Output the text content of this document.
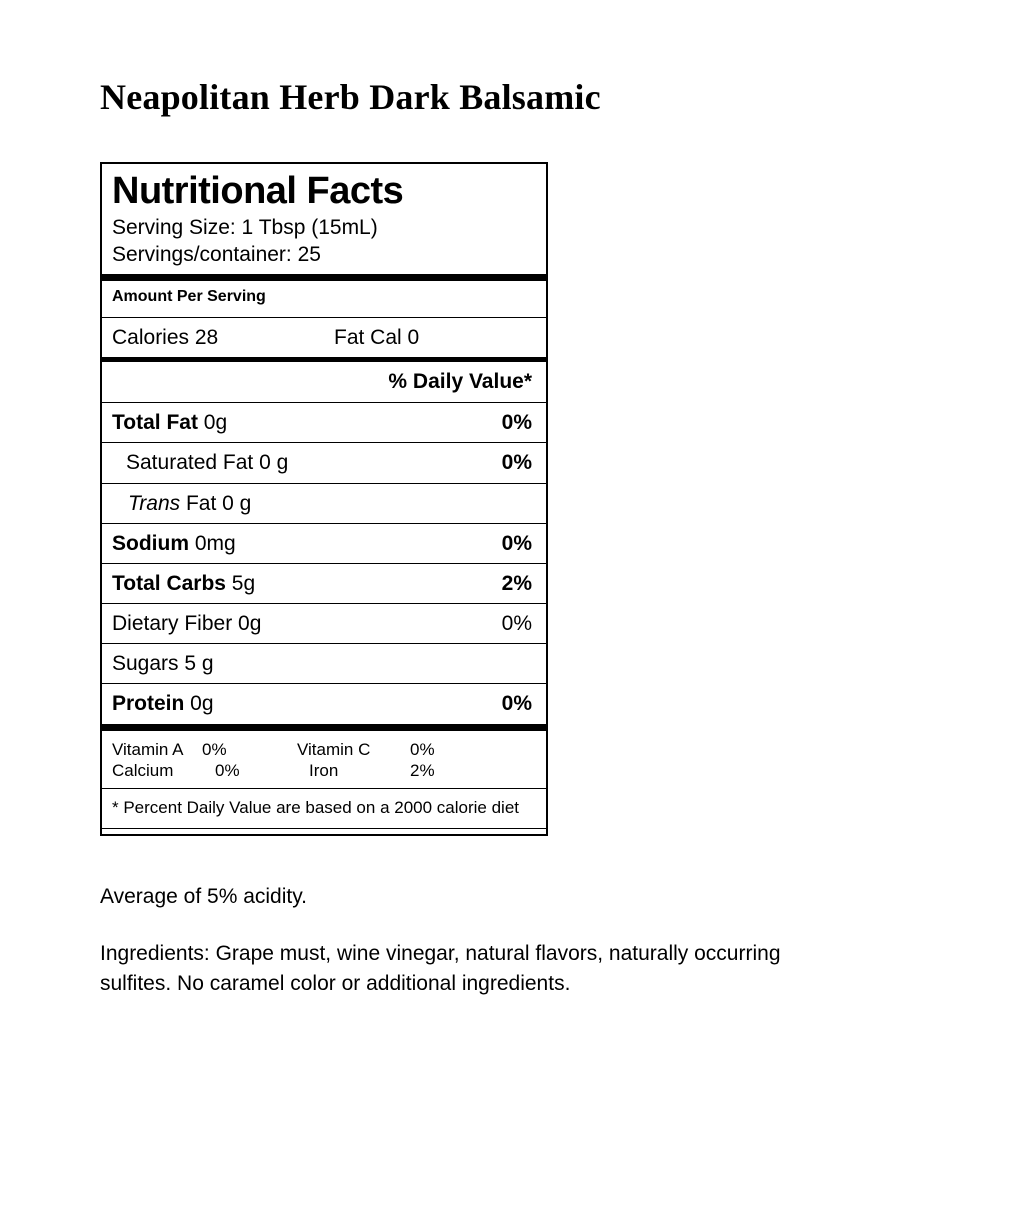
Neapolitan Herb Dark Balsamic
Nutritional Facts
Serving Size: 1 Tbsp (15mL)
Servings/container: 25
Amount Per Serving
Calories 28	Fat Cal 0
% Daily Value*
Total Fat 0g	0%
Saturated Fat 0 g	0%
Trans Fat 0 g
Sodium 0mg	0%
Total Carbs 5g	2%
Dietary Fiber 0g	0%
Sugars 5 g
Protein 0g	0%
Vitamin A 0%	Vitamin C 0%
Calcium 0%	Iron	2%
* Percent Daily Value are based on a 2000 calorie diet

Average of 5% acidity.

Ingredients: Grape must, wine vinegar, natural flavors, naturally occurring sulfites. No caramel color or additional ingredients.
